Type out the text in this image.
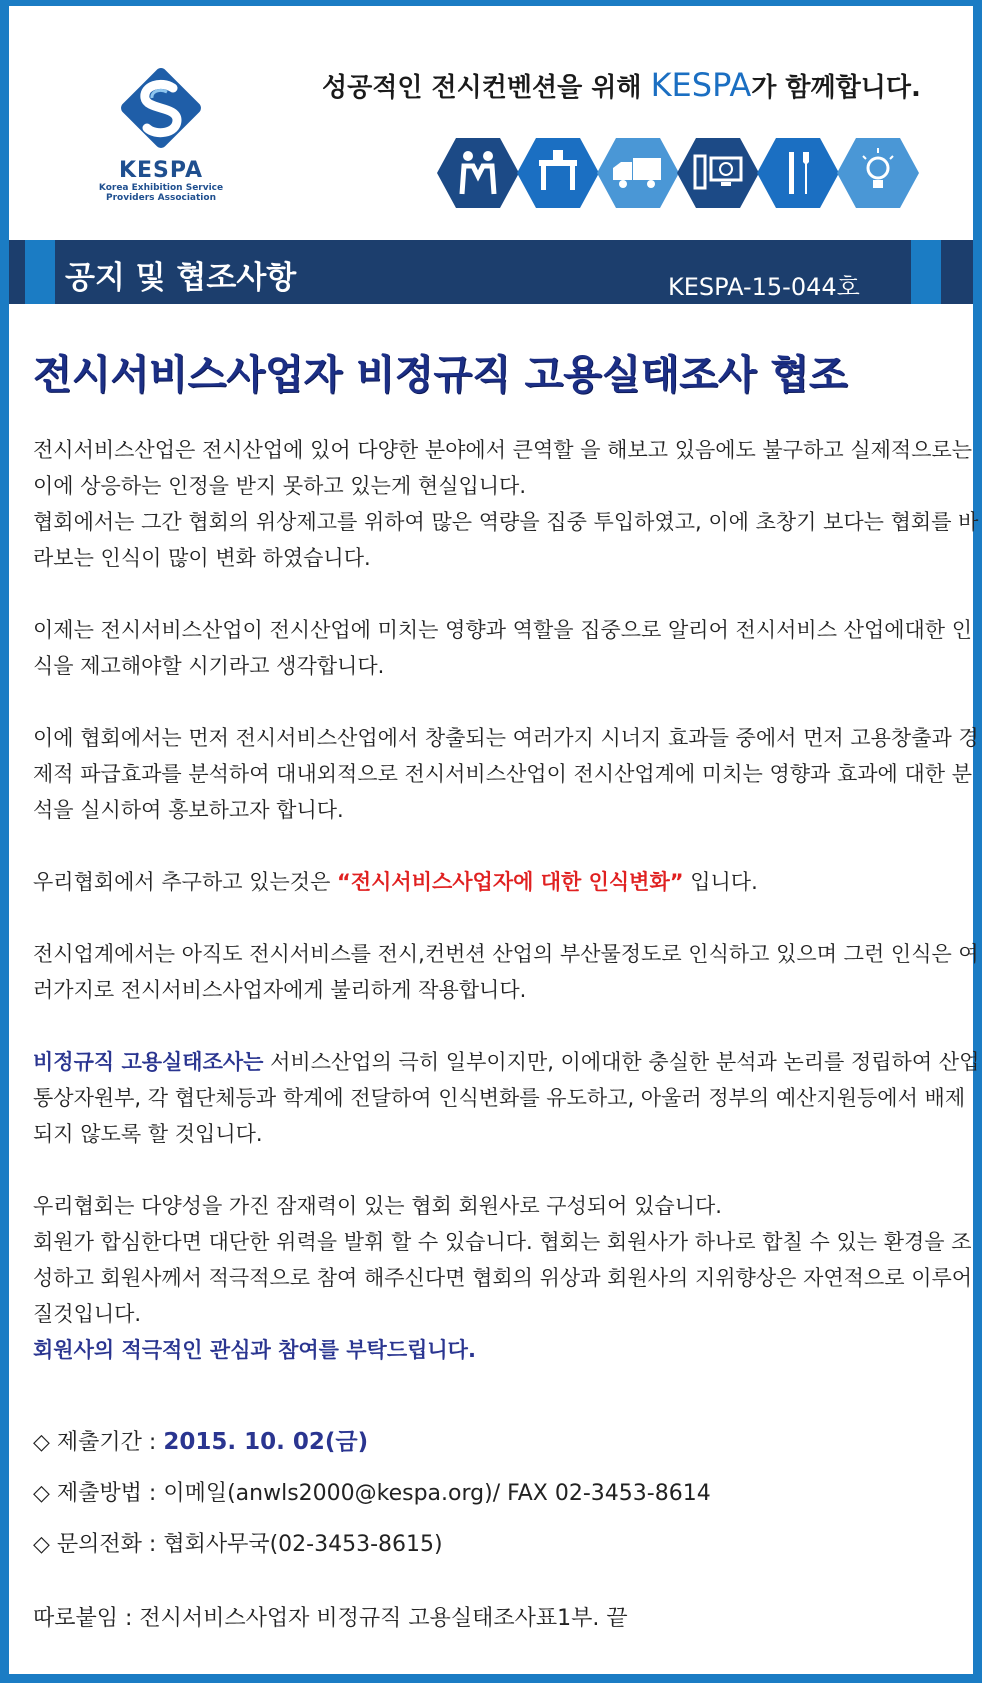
KESPA
Korea Exhibition Service
Providers Association
성공적인 전시컨벤션을 위해 KESPA가 함께합니다.
공지 및 협조사항	KESPA-15-044호
전시서비스사업자 비정규직 고용실태조사 협조

전시서비스산업은 전시산업에 있어 다양한 분야에서 큰역할 을 해보고 있음에도 불구하고 실제적으로는 이에 상응하는 인정을 받지 못하고 있는게 현실입니다.

협회에서는 그간 협회의 위상제고를 위하여 많은 역량을 집중 투입하였고, 이에 초창기 보다는 협회를 바라보는 인식이 많이 변화 하였습니다.

이제는 전시서비스산업이 전시산업에 미치는 영향과 역할을 집중으로 알리어 전시서비스 산업에대한 인식을 제고해야할 시기라고 생각합니다.

이에 협회에서는 먼저 전시서비스산업에서 창출되는 여러가지 시너지 효과들 중에서 먼저 고용창출과 경제적 파급효과를 분석하여 대내외적으로 전시서비스산업이 전시산업계에 미치는 영향과 효과에 대한 분석을 실시하여 홍보하고자 합니다.

우리협회에서 추구하고 있는것은 “전시서비스사업자에 대한 인식변화” 입니다.

전시업계에서는 아직도 전시서비스를 전시,컨번션 산업의 부산물정도로 인식하고 있으며 그런 인식은 여러가지로 전시서비스사업자에게 불리하게 작용합니다.

비정규직 고용실태조사는 서비스산업의 극히 일부이지만, 이에대한 충실한 분석과 논리를 정립하여 산업통상자원부, 각 협단체등과 학계에 전달하여 인식변화를 유도하고, 아울러 정부의 예산지원등에서 배제되지 않도록 할 것입니다.

우리협회는 다양성을 가진 잠재력이 있는 협회 회원사로 구성되어 있습니다.

회원가 합심한다면 대단한 위력을 발휘 할 수 있습니다. 협회는 회원사가 하나로 합칠 수 있는 환경을 조성하고 회원사께서 적극적으로 참여 해주신다면 협회의 위상과 회원사의 지위향상은 자연적으로 이루어질것입니다.

회원사의 적극적인 관심과 참여를 부탁드립니다.

◇ 제출기간 : 2015. 10. 02(금)
◇ 제출방법 : 이메일(anwls2000@kespa.org)/ FAX 02-3453-8614
◇ 문의전화 : 협회사무국(02-3453-8615)
따로붙임 : 전시서비스사업자 비정규직 고용실태조사표1부. 끝
